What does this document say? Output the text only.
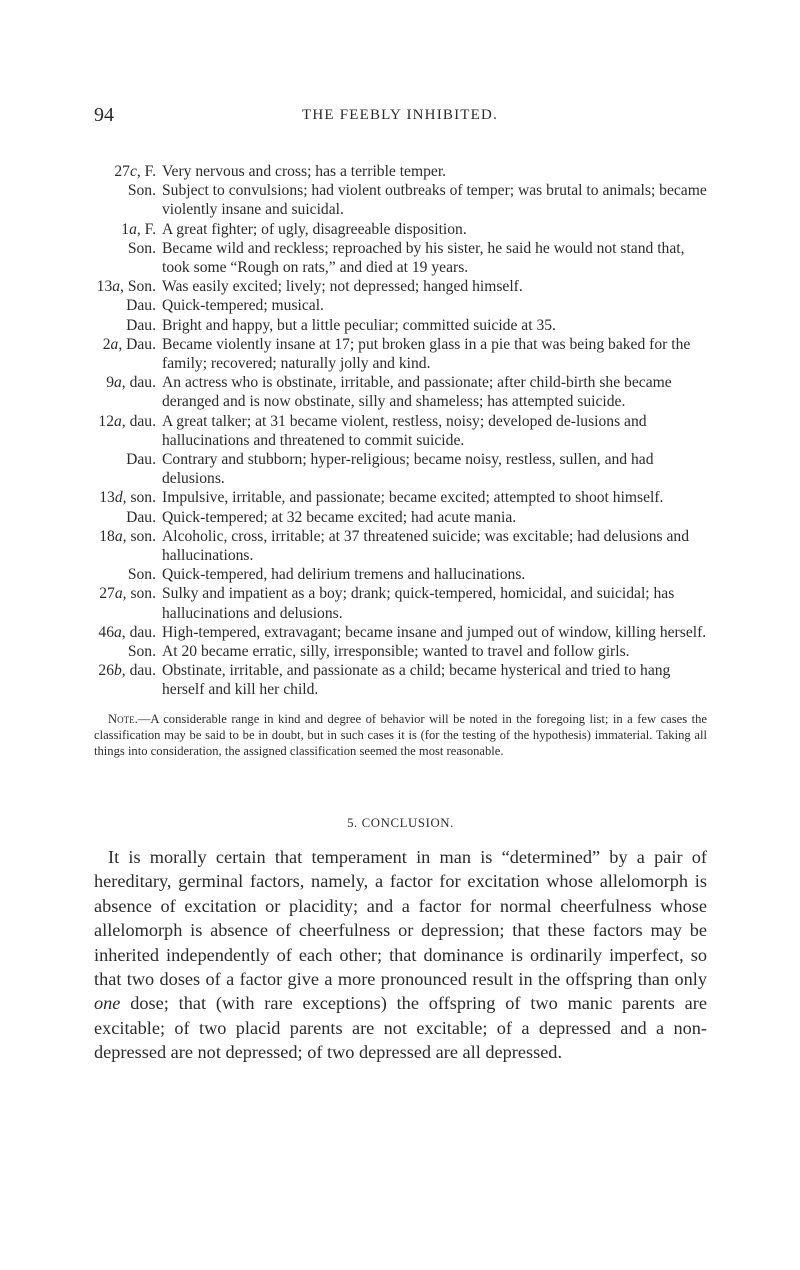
94	THE FEEBLY INHIBITED.
27c, F. Very nervous and cross; has a terrible temper.
Son. Subject to convulsions; had violent outbreaks of temper; was brutal to animals; became violently insane and suicidal.
1a, F. A great fighter; of ugly, disagreeable disposition.
Son. Became wild and reckless; reproached by his sister, he said he would not stand that, took some “Rough on rats,” and died at 19 years.
13a, Son. Was easily excited; lively; not depressed; hanged himself.
Dau. Quick-tempered; musical.
Dau. Bright and happy, but a little peculiar; committed suicide at 35.
2a, Dau. Became violently insane at 17; put broken glass in a pie that was being baked for the family; recovered; naturally jolly and kind.
9a, dau. An actress who is obstinate, irritable, and passionate; after child-birth she became deranged and is now obstinate, silly and shameless; has attempted suicide.
12a, dau. A great talker; at 31 became violent, restless, noisy; developed de-lusions and hallucinations and threatened to commit suicide.
Dau. Contrary and stubborn; hyper-religious; became noisy, restless, sullen, and had delusions.
13d, son. Impulsive, irritable, and passionate; became excited; attempted to shoot himself.
Dau. Quick-tempered; at 32 became excited; had acute mania.
18a, son. Alcoholic, cross, irritable; at 37 threatened suicide; was excitable; had delusions and hallucinations.
Son. Quick-tempered, had delirium tremens and hallucinations.
27a, son. Sulky and impatient as a boy; drank; quick-tempered, homicidal, and suicidal; has hallucinations and delusions.
46a, dau. High-tempered, extravagant; became insane and jumped out of window, killing herself.
Son. At 20 became erratic, silly, irresponsible; wanted to travel and follow girls.
26b, dau. Obstinate, irritable, and passionate as a child; became hysterical and tried to hang herself and kill her child.
Note.—A considerable range in kind and degree of behavior will be noted in the foregoing list; in a few cases the classification may be said to be in doubt, but in such cases it is (for the testing of the hypothesis) immaterial. Taking all things into consideration, the assigned classification seemed the most reasonable.
5. CONCLUSION.
It is morally certain that temperament in man is “determined” by a pair of hereditary, germinal factors, namely, a factor for excitation whose allelomorph is absence of excitation or placidity; and a factor for normal cheerfulness whose allelomorph is absence of cheerfulness or depression; that these factors may be inherited independently of each other; that dominance is ordinarily imperfect, so that two doses of a factor give a more pronounced result in the offspring than only one dose; that (with rare exceptions) the offspring of two manic parents are excitable; of two placid parents are not excitable; of a depressed and a non-depressed are not depressed; of two depressed are all depressed.
